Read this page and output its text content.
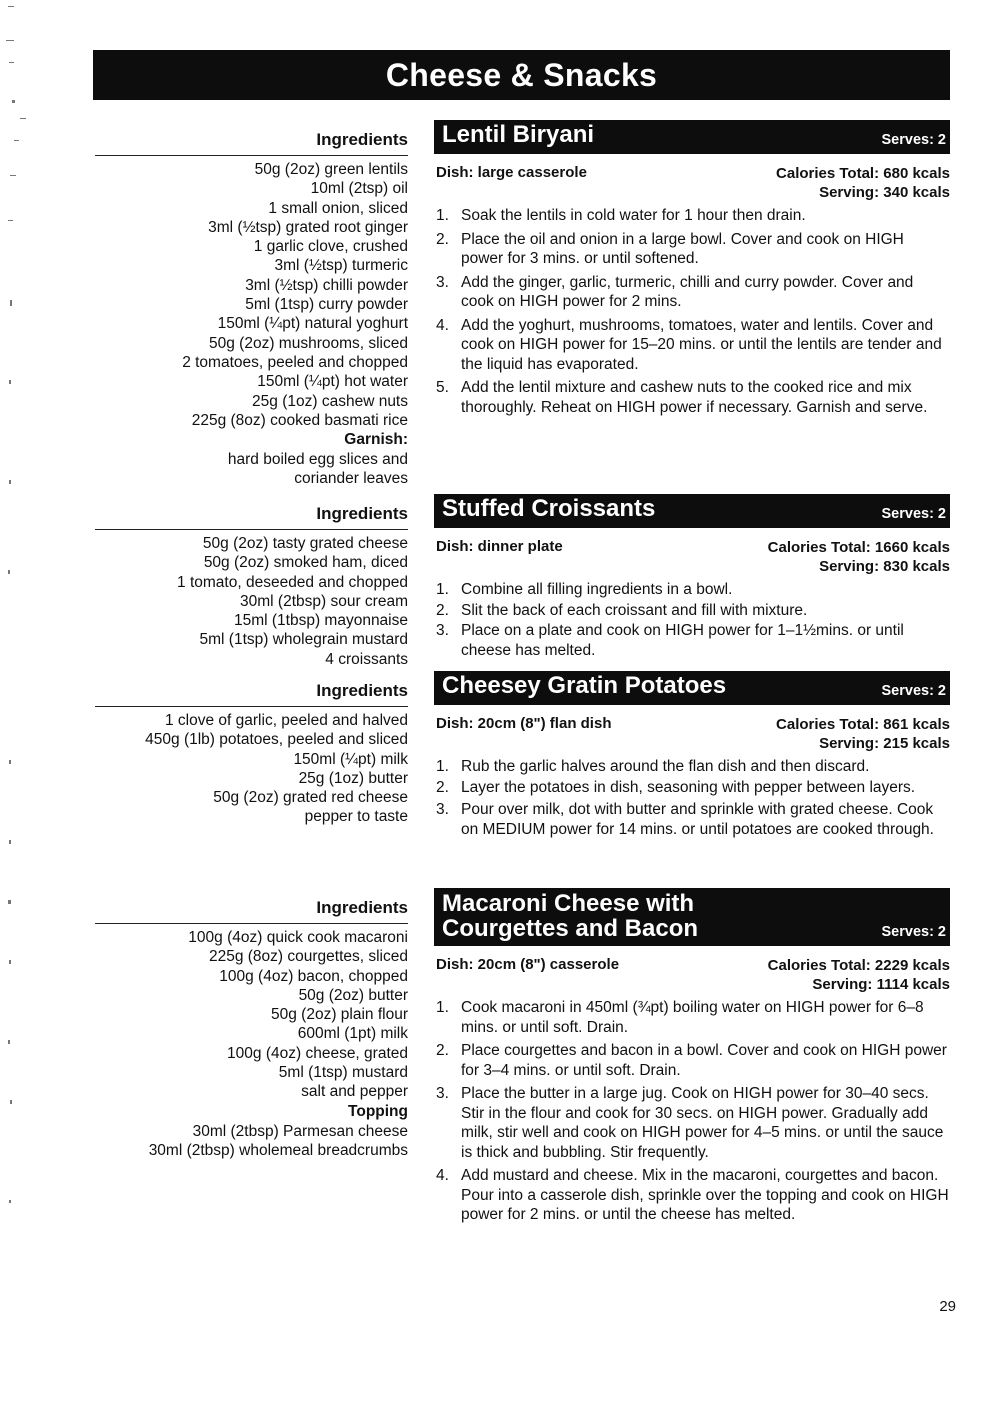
Cheese & Snacks
Ingredients
50g (2oz) green lentils
10ml (2tsp) oil
1 small onion, sliced
3ml (½tsp) grated root ginger
1 garlic clove, crushed
3ml (½tsp) turmeric
3ml (½tsp) chilli powder
5ml (1tsp) curry powder
150ml (¼pt) natural yoghurt
50g (2oz) mushrooms, sliced
2 tomatoes, peeled and chopped
150ml (¼pt) hot water
25g (1oz) cashew nuts
225g (8oz) cooked basmati rice
Garnish:
hard boiled egg slices and
coriander leaves
Ingredients
50g (2oz) tasty grated cheese
50g (2oz) smoked ham, diced
1 tomato, deseeded and chopped
30ml (2tbsp) sour cream
15ml (1tbsp) mayonnaise
5ml (1tsp) wholegrain mustard
4 croissants
Ingredients
1 clove of garlic, peeled and halved
450g (1lb) potatoes, peeled and sliced
150ml (¼pt) milk
25g (1oz) butter
50g (2oz) grated red cheese
pepper to taste
Ingredients
100g (4oz) quick cook macaroni
225g (8oz) courgettes, sliced
100g (4oz) bacon, chopped
50g (2oz) butter
50g (2oz) plain flour
600ml (1pt) milk
100g (4oz) cheese, grated
5ml (1tsp) mustard
salt and pepper
Topping
30ml (2tbsp) Parmesan cheese
30ml (2tbsp) wholemeal breadcrumbs
Lentil Biryani	Serves: 2
Dish: large casserole	Calories Total: 680 kcals
Serving: 340 kcals
1. Soak the lentils in cold water for 1 hour then drain.
2. Place the oil and onion in a large bowl. Cover and cook on HIGH power for 3 mins. or until softened.
3. Add the ginger, garlic, turmeric, chilli and curry powder. Cover and cook on HIGH power for 2 mins.
4. Add the yoghurt, mushrooms, tomatoes, water and lentils. Cover and cook on HIGH power for 15–20 mins. or until the lentils are tender and the liquid has evaporated.
5. Add the lentil mixture and cashew nuts to the cooked rice and mix thoroughly. Reheat on HIGH power if necessary. Garnish and serve.
Stuffed Croissants	Serves: 2
Dish: dinner plate	Calories Total: 1660 kcals
Serving: 830 kcals
1. Combine all filling ingredients in a bowl.
2. Slit the back of each croissant and fill with mixture.
3. Place on a plate and cook on HIGH power for 1–1½mins. or until cheese has melted.
Cheesey Gratin Potatoes	Serves: 2
Dish: 20cm (8") flan dish	Calories Total: 861 kcals
Serving: 215 kcals
1. Rub the garlic halves around the flan dish and then discard.
2. Layer the potatoes in dish, seasoning with pepper between layers.
3. Pour over milk, dot with butter and sprinkle with grated cheese. Cook on MEDIUM power for 14 mins. or until potatoes are cooked through.
Macaroni Cheese with
Courgettes and Bacon	Serves: 2
Dish: 20cm (8") casserole	Calories Total: 2229 kcals
Serving: 1114 kcals
1. Cook macaroni in 450ml (¾pt) boiling water on HIGH power for 6–8 mins. or until soft. Drain.
2. Place courgettes and bacon in a bowl. Cover and cook on HIGH power for 3–4 mins. or until soft. Drain.
3. Place the butter in a large jug. Cook on HIGH power for 30–40 secs. Stir in the flour and cook for 30 secs. on HIGH power. Gradually add milk, stir well and cook on HIGH power for 4–5 mins. or until the sauce is thick and bubbling. Stir frequently.
4. Add mustard and cheese. Mix in the macaroni, courgettes and bacon. Pour into a casserole dish, sprinkle over the topping and cook on HIGH power for 2 mins. or until the cheese has melted.
29
